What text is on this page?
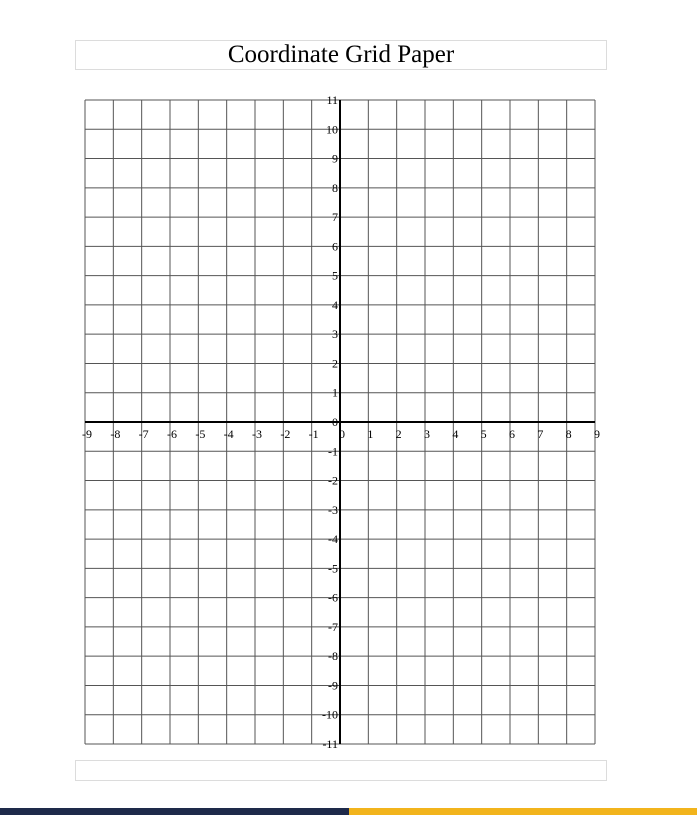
Coordinate Grid Paper
-9 -8 -7 -6 -5 -4 -3 -2 -1 0 1 2 3 4 5 6 7 8 9
11
10
9
8
7
6
5
4
3
2
1
0
-1
-2
-3
-4
-5
-6
-7
-8
-9
-10
-11
